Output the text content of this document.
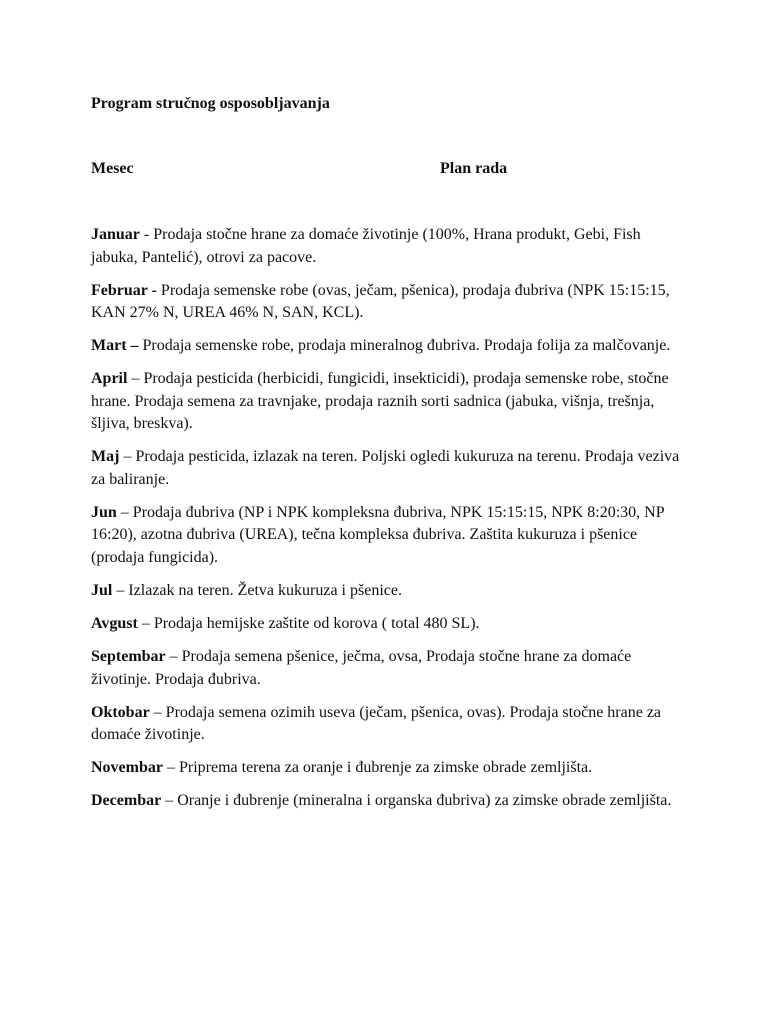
Program stručnog osposobljavanja
Mesec	Plan rada

Januar - Prodaja stočne hrane za domaće životinje (100%, Hrana produkt, Gebi, Fish jabuka, Pantelić), otrovi za pacove.

Februar - Prodaja semenske robe (ovas, ječam, pšenica), prodaja đubriva (NPK 15:15:15, KAN 27% N, UREA 46% N, SAN, KCL).

Mart – Prodaja semenske robe, prodaja mineralnog đubriva. Prodaja folija za malčovanje.

April – Prodaja pesticida (herbicidi, fungicidi, insekticidi), prodaja semenske robe, stočne hrane. Prodaja semena za travnjake, prodaja raznih sorti sadnica (jabuka, višnja, trešnja, šljiva, breskva).

Maj – Prodaja pesticida, izlazak na teren. Poljski ogledi kukuruza na terenu. Prodaja veziva za baliranje.

Jun – Prodaja đubriva (NP i NPK kompleksna đubriva, NPK 15:15:15, NPK 8:20:30, NP 16:20), azotna đubriva (UREA), tečna kompleksa đubriva. Zaštita kukuruza i pšenice (prodaja fungicida).

Jul – Izlazak na teren. Žetva kukuruza i pšenice.

Avgust – Prodaja hemijske zaštite od korova ( total 480 SL).

Septembar – Prodaja semena pšenice, ječma, ovsa, Prodaja stočne hrane za domaće životinje. Prodaja đubriva.

Oktobar – Prodaja semena ozimih useva (ječam, pšenica, ovas). Prodaja stočne hrane za domaće životinje.

Novembar – Priprema terena za oranje i đubrenje za zimske obrade zemljišta.

Decembar – Oranje i đubrenje (mineralna i organska đubriva) za zimske obrade zemljišta.
